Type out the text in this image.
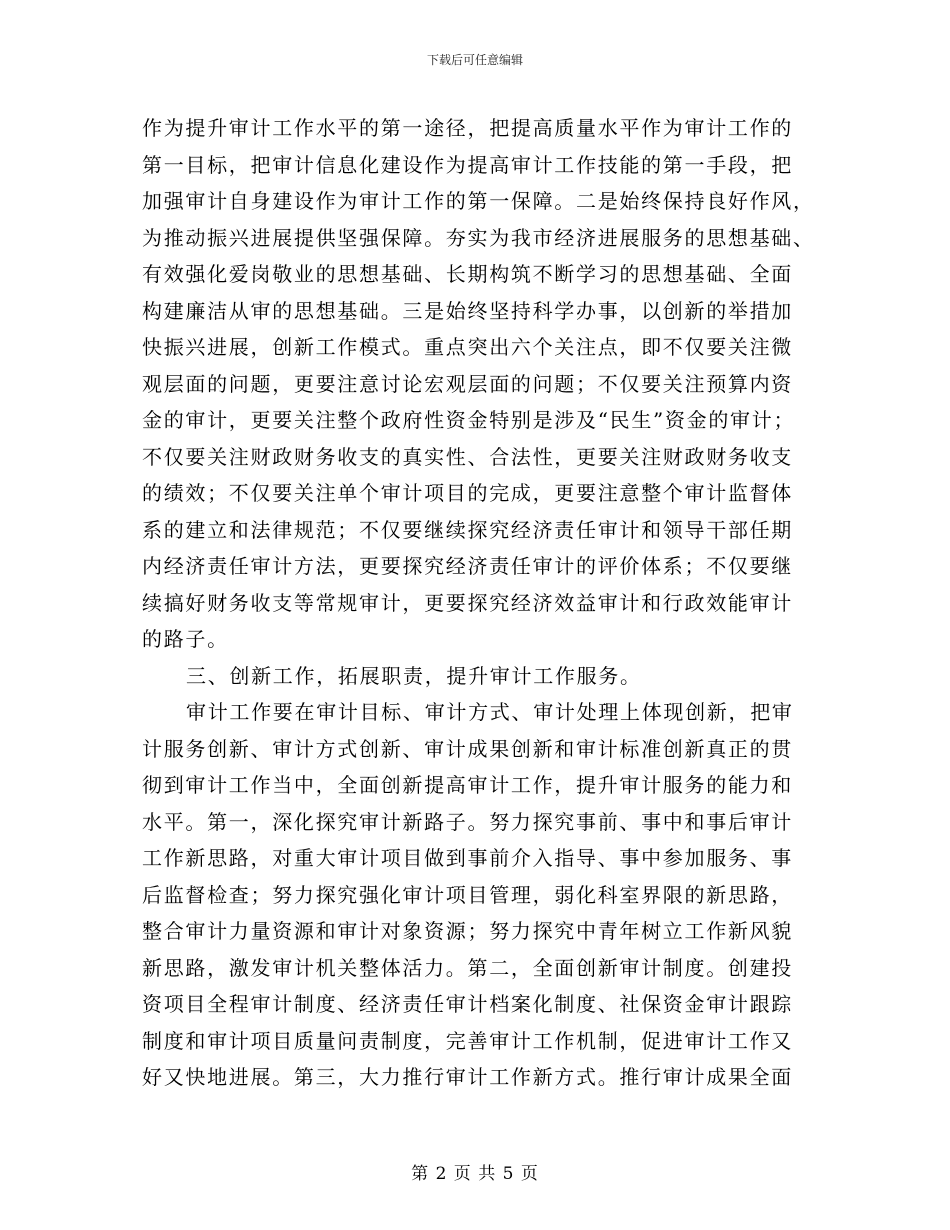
下载后可任意编辑
作为提升审计工作水平的第一途径，把提高质量水平作为审计工作的
第一目标，把审计信息化建设作为提高审计工作技能的第一手段，把
加强审计自身建设作为审计工作的第一保障。二是始终保持良好作风，
为推动振兴进展提供坚强保障。夯实为我市经济进展服务的思想基础、
有效强化爱岗敬业的思想基础、长期构筑不断学习的思想基础、全面
构建廉洁从审的思想基础。三是始终坚持科学办事，以创新的举措加
快振兴进展，创新工作模式。重点突出六个关注点，即不仅要关注微
观层面的问题，更要注意讨论宏观层面的问题；不仅要关注预算内资
金的审计，更要关注整个政府性资金特别是涉及“民生”资金的审计；
不仅要关注财政财务收支的真实性、合法性，更要关注财政财务收支
的绩效；不仅要关注单个审计项目的完成，更要注意整个审计监督体
系的建立和法律规范；不仅要继续探究经济责任审计和领导干部任期
内经济责任审计方法，更要探究经济责任审计的评价体系；不仅要继
续搞好财务收支等常规审计，更要探究经济效益审计和行政效能审计
的路子。
三、创新工作，拓展职责，提升审计工作服务。
审计工作要在审计目标、审计方式、审计处理上体现创新，把审
计服务创新、审计方式创新、审计成果创新和审计标准创新真正的贯
彻到审计工作当中，全面创新提高审计工作，提升审计服务的能力和
水平。第一，深化探究审计新路子。努力探究事前、事中和事后审计
工作新思路，对重大审计项目做到事前介入指导、事中参加服务、事
后监督检查；努力探究强化审计项目管理，弱化科室界限的新思路，
整合审计力量资源和审计对象资源；努力探究中青年树立工作新风貌
新思路，激发审计机关整体活力。第二，全面创新审计制度。创建投
资项目全程审计制度、经济责任审计档案化制度、社保资金审计跟踪
制度和审计项目质量问责制度，完善审计工作机制，促进审计工作又
好又快地进展。第三，大力推行审计工作新方式。推行审计成果全面
第 2 页 共 5 页
